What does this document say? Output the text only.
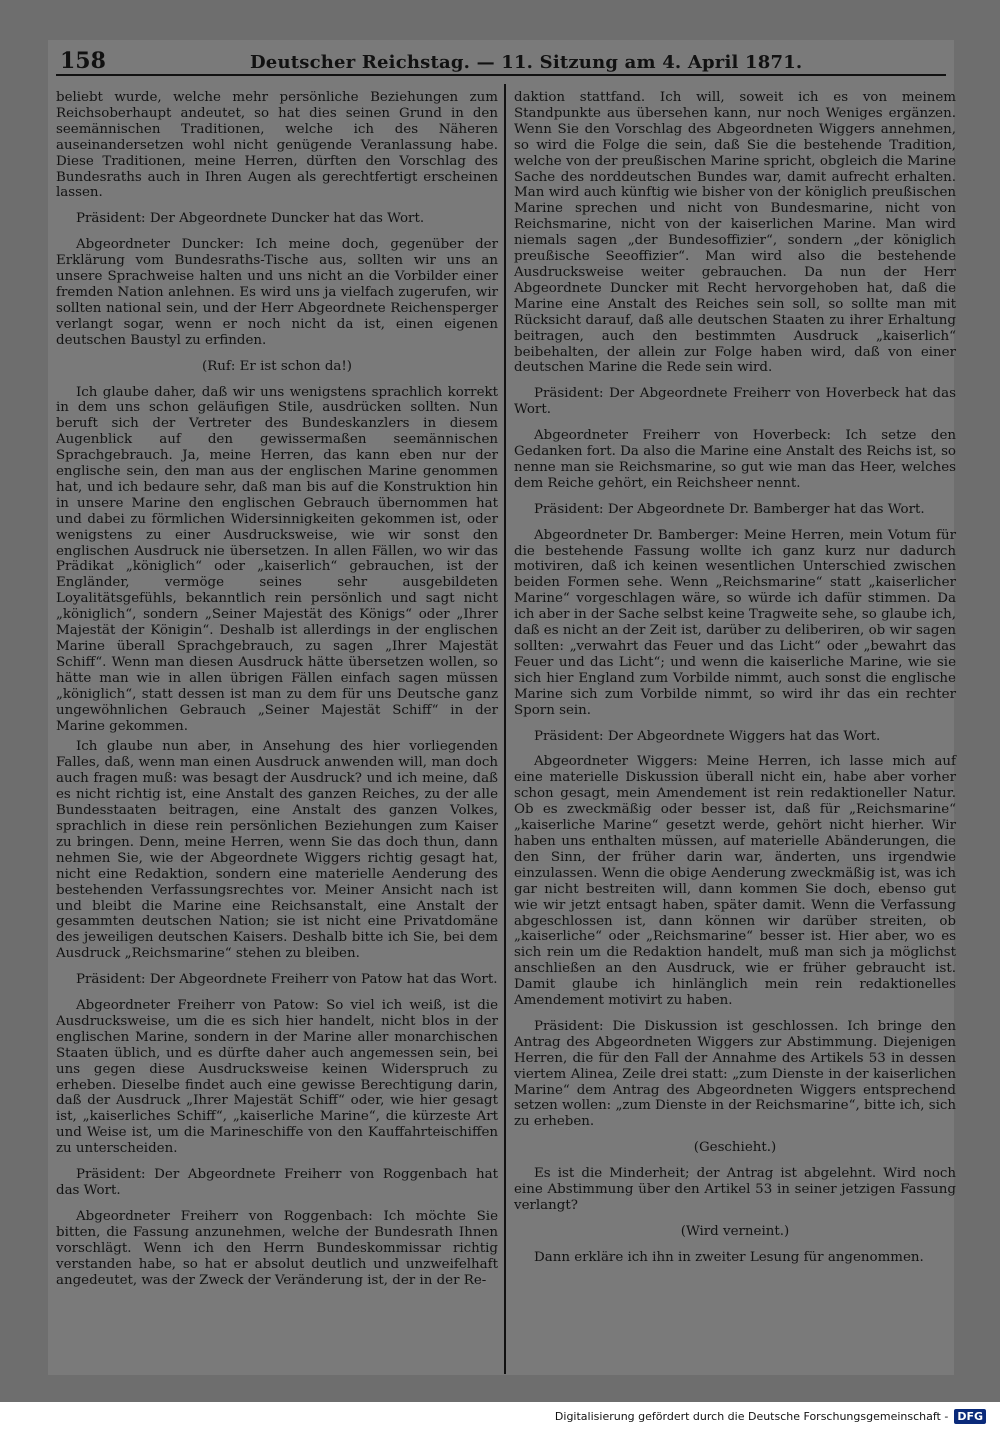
158	Deutscher Reichstag. — 11. Sitzung am 4. April 1871.

beliebt wurde, welche mehr persönliche Beziehungen zum Reichsoberhaupt andeutet, so hat dies seinen Grund in den seemännischen Traditionen, welche ich des Näheren auseinandersetzen wohl nicht genügende Veranlassung habe. Diese Traditionen, meine Herren, dürften den Vorschlag des Bundesraths auch in Ihren Augen als gerechtfertigt erscheinen lassen.

Präsident: Der Abgeordnete Duncker hat das Wort.

Abgeordneter Duncker: Ich meine doch, gegenüber der Erklärung vom Bundesraths-Tische aus, sollten wir uns an unsere Sprachweise halten und uns nicht an die Vorbilder einer fremden Nation anlehnen. Es wird uns ja vielfach zugerufen, wir sollten national sein, und der Herr Abgeordnete Reichensperger verlangt sogar, wenn er noch nicht da ist, einen eigenen deutschen Baustyl zu erfinden.

(Ruf: Er ist schon da!)

Ich glaube daher, daß wir uns wenigstens sprachlich korrekt in dem uns schon geläufigen Stile, ausdrücken sollten. Nun beruft sich der Vertreter des Bundeskanzlers in diesem Augenblick auf den gewissermaßen seemännischen Sprachgebrauch. Ja, meine Herren, das kann eben nur der englische sein, den man aus der englischen Marine genommen hat, und ich bedaure sehr, daß man bis auf die Konstruktion hin in unsere Marine den englischen Gebrauch übernommen hat und dabei zu förmlichen Widersinnigkeiten gekommen ist, oder wenigstens zu einer Ausdrucksweise, wie wir sonst den englischen Ausdruck nie übersetzen. In allen Fällen, wo wir das Prädikat „königlich“ oder „kaiserlich“ gebrauchen, ist der Engländer, vermöge seines sehr ausgebildeten Loyalitätsgefühls, bekanntlich rein persönlich und sagt nicht „königlich“, sondern „Seiner Majestät des Königs“ oder „Ihrer Majestät der Königin“. Deshalb ist allerdings in der englischen Marine überall Sprachgebrauch, zu sagen „Ihrer Majestät Schiff“. Wenn man diesen Ausdruck hätte übersetzen wollen, so hätte man wie in allen übrigen Fällen einfach sagen müssen „königlich“, statt dessen ist man zu dem für uns Deutsche ganz ungewöhnlichen Gebrauch „Seiner Majestät Schiff“ in der Marine gekommen.

Ich glaube nun aber, in Ansehung des hier vorliegenden Falles, daß, wenn man einen Ausdruck anwenden will, man doch auch fragen muß: was besagt der Ausdruck? und ich meine, daß es nicht richtig ist, eine Anstalt des ganzen Reiches, zu der alle Bundesstaaten beitragen, eine Anstalt des ganzen Volkes, sprachlich in diese rein persönlichen Beziehungen zum Kaiser zu bringen. Denn, meine Herren, wenn Sie das doch thun, dann nehmen Sie, wie der Abgeordnete Wiggers richtig gesagt hat, nicht eine Redaktion, sondern eine materielle Aenderung des bestehenden Verfassungsrechtes vor. Meiner Ansicht nach ist und bleibt die Marine eine Reichsanstalt, eine Anstalt der gesammten deutschen Nation; sie ist nicht eine Privatdomäne des jeweiligen deutschen Kaisers. Deshalb bitte ich Sie, bei dem Ausdruck „Reichsmarine“ stehen zu bleiben.

Präsident: Der Abgeordnete Freiherr von Patow hat das Wort.

Abgeordneter Freiherr von Patow: So viel ich weiß, ist die Ausdrucksweise, um die es sich hier handelt, nicht blos in der englischen Marine, sondern in der Marine aller monarchischen Staaten üblich, und es dürfte daher auch angemessen sein, bei uns gegen diese Ausdrucksweise keinen Widerspruch zu erheben. Dieselbe findet auch eine gewisse Berechtigung darin, daß der Ausdruck „Ihrer Majestät Schiff“ oder, wie hier gesagt ist, „kaiserliches Schiff“, „kaiserliche Marine“, die kürzeste Art und Weise ist, um die Marineschiffe von den Kauffahrteischiffen zu unterscheiden.

Präsident: Der Abgeordnete Freiherr von Roggenbach hat das Wort.

Abgeordneter Freiherr von Roggenbach: Ich möchte Sie bitten, die Fassung anzunehmen, welche der Bundesrath Ihnen vorschlägt. Wenn ich den Herrn Bundeskommissar richtig verstanden habe, so hat er absolut deutlich und unzweifelhaft angedeutet, was der Zweck der Veränderung ist, der in der Re-

daktion stattfand. Ich will, soweit ich es von meinem Standpunkte aus übersehen kann, nur noch Weniges ergänzen. Wenn Sie den Vorschlag des Abgeordneten Wiggers annehmen, so wird die Folge die sein, daß Sie die bestehende Tradition, welche von der preußischen Marine spricht, obgleich die Marine Sache des norddeutschen Bundes war, damit aufrecht erhalten. Man wird auch künftig wie bisher von der königlich preußischen Marine sprechen und nicht von Bundesmarine, nicht von Reichsmarine, nicht von der kaiserlichen Marine. Man wird niemals sagen „der Bundesoffizier“, sondern „der königlich preußische Seeoffizier“. Man wird also die bestehende Ausdrucksweise weiter gebrauchen. Da nun der Herr Abgeordnete Duncker mit Recht hervorgehoben hat, daß die Marine eine Anstalt des Reiches sein soll, so sollte man mit Rücksicht darauf, daß alle deutschen Staaten zu ihrer Erhaltung beitragen, auch den bestimmten Ausdruck „kaiserlich“ beibehalten, der allein zur Folge haben wird, daß von einer deutschen Marine die Rede sein wird.

Präsident: Der Abgeordnete Freiherr von Hoverbeck hat das Wort.

Abgeordneter Freiherr von Hoverbeck: Ich setze den Gedanken fort. Da also die Marine eine Anstalt des Reichs ist, so nenne man sie Reichsmarine, so gut wie man das Heer, welches dem Reiche gehört, ein Reichsheer nennt.

Präsident: Der Abgeordnete Dr. Bamberger hat das Wort.

Abgeordneter Dr. Bamberger: Meine Herren, mein Votum für die bestehende Fassung wollte ich ganz kurz nur dadurch motiviren, daß ich keinen wesentlichen Unterschied zwischen beiden Formen sehe. Wenn „Reichsmarine“ statt „kaiserlicher Marine“ vorgeschlagen wäre, so würde ich dafür stimmen. Da ich aber in der Sache selbst keine Tragweite sehe, so glaube ich, daß es nicht an der Zeit ist, darüber zu deliberiren, ob wir sagen sollten: „verwahrt das Feuer und das Licht“ oder „bewahrt das Feuer und das Licht“; und wenn die kaiserliche Marine, wie sie sich hier England zum Vorbilde nimmt, auch sonst die englische Marine sich zum Vorbilde nimmt, so wird ihr das ein rechter Sporn sein.

Präsident: Der Abgeordnete Wiggers hat das Wort.

Abgeordneter Wiggers: Meine Herren, ich lasse mich auf eine materielle Diskussion überall nicht ein, habe aber vorher schon gesagt, mein Amendement ist rein redaktioneller Natur. Ob es zweckmäßig oder besser ist, daß für „Reichsmarine“ „kaiserliche Marine“ gesetzt werde, gehört nicht hierher. Wir haben uns enthalten müssen, auf materielle Abänderungen, die den Sinn, der früher darin war, änderten, uns irgendwie einzulassen. Wenn die obige Aenderung zweckmäßig ist, was ich gar nicht bestreiten will, dann kommen Sie doch, ebenso gut wie wir jetzt entsagt haben, später damit. Wenn die Verfassung abgeschlossen ist, dann können wir darüber streiten, ob „kaiserliche“ oder „Reichsmarine“ besser ist. Hier aber, wo es sich rein um die Redaktion handelt, muß man sich ja möglichst anschließen an den Ausdruck, wie er früher gebraucht ist. Damit glaube ich hinlänglich mein rein redaktionelles Amendement motivirt zu haben.

Präsident: Die Diskussion ist geschlossen. Ich bringe den Antrag des Abgeordneten Wiggers zur Abstimmung. Diejenigen Herren, die für den Fall der Annahme des Artikels 53 in dessen viertem Alinea, Zeile drei statt: „zum Dienste in der kaiserlichen Marine“ dem Antrag des Abgeordneten Wiggers entsprechend setzen wollen: „zum Dienste in der Reichsmarine“, bitte ich, sich zu erheben.

(Geschieht.)

Es ist die Minderheit; der Antrag ist abgelehnt. Wird noch eine Abstimmung über den Artikel 53 in seiner jetzigen Fassung verlangt?

(Wird verneint.)

Dann erkläre ich ihn in zweiter Lesung für angenommen.

Digitalisierung gefördert durch die Deutsche Forschungsgemeinschaft - DFG
